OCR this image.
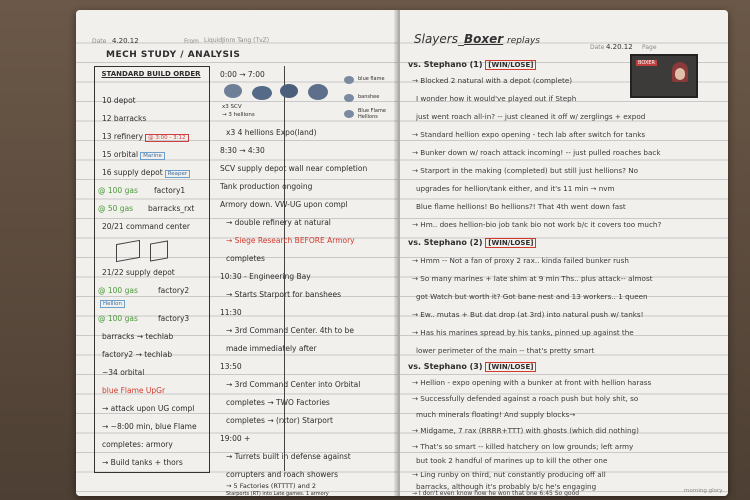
Date 4.20.12	From LiquidJinro Tang (TvZ)
MECH STUDY / ANALYSIS
STANDARD BUILD ORDER
10 depot
12 barracks
13 refinery @ 3:00 - 3:12
15 orbital Marine
16 supply depot Reaper
@ 100 gas factory1
@ 50 gas barracks_rxt
20/21 command center
21/22 supply depot
@ 100 gas	factory2
Hellion
@ 100 gas	factory3
barracks → techlab
factory2 → techlab
~34 orbital
blue Flame UpGr
→ attack upon UG compl
→ ~8:00 min, blue Flame
completes: armory
→ Build tanks + thors
blue flame
banshee
Blue Flame Hellions
0:00 → 7:00
x3 SCV
→ 3 hellions
x3 4 hellions Expo(land)
8:30 → 4:30
SCV supply depot wall near completion
Tank production ongoing
Armory down. VW-UG upon compl
→ double refinery at natural
→ Siege Research BEFORE Armory
completes
10:30 - Engineering Bay
→ Starts Starport for banshees
11:30
→ 3rd Command Center. 4th to be
made immediately after
13:50
→ 3rd Command Center into Orbital
completes → TWO Factories
completes → (rxtor) Starport
19:00 +
→ Turrets built in defense against
corrupters and roach showers
→ 5 Factories (RTTTT) and 2
Starports (RT) into Late games. 1 armory
Slayers_Boxer replays
Date 4.20.12 Page
vs. Stephano (1) [WIN/LOSE]
→ Blocked 2 natural with a depot (complete)
I wonder how it would've played out if Steph
just went roach all-in? -- just cleaned it off w/ zerglings + expod
→ Standard hellion expo opening - tech lab after switch for tanks
→ Bunker down w/ roach attack incoming! -- just pulled roaches back
→ Starport in the making (completed) but still just hellions? No
upgrades for hellion/tank either, and it's 11 min → nvm
Blue flame hellions! Bo hellions?! That 4th went down fast
→ Hm.. does hellion-bio job tank bio not work b/c it covers too much?
vs. Stephano (2) [WIN/LOSE]
→ Hmm -- Not a fan of proxy 2 rax.. kinda failed bunker rush
→ So many marines + late shim at 9 min Ths.. plus attack-- almost
got Watch but worth it? Got bane nest and 13 workers.. 1 queen
→ Ew.. mutas + But dat drop (at 3rd) into natural push w/ tanks!
→ Has his marines spread by his tanks, pinned up against the
lower perimeter of the main -- that's pretty smart
vs. Stephano (3) [WIN/LOSE]
→ Hellion - expo opening with a bunker at front with hellion harass
→ Successfully defended against a roach push but holy shit, so
much minerals floating! And supply blocks→
→ Midgame, 7 rax (RRRR+TTT) with ghosts (which did nothing)
→ That's so smart -- killed hatchery on low grounds; left army
but took 2 handful of marines up to kill the other one
→ Ling runby on third, nut constantly producing off all
barracks, although it's probably b/c he's engaging
→ I don't even know how he won that one 6:45 So good	morning glory
BOXER
